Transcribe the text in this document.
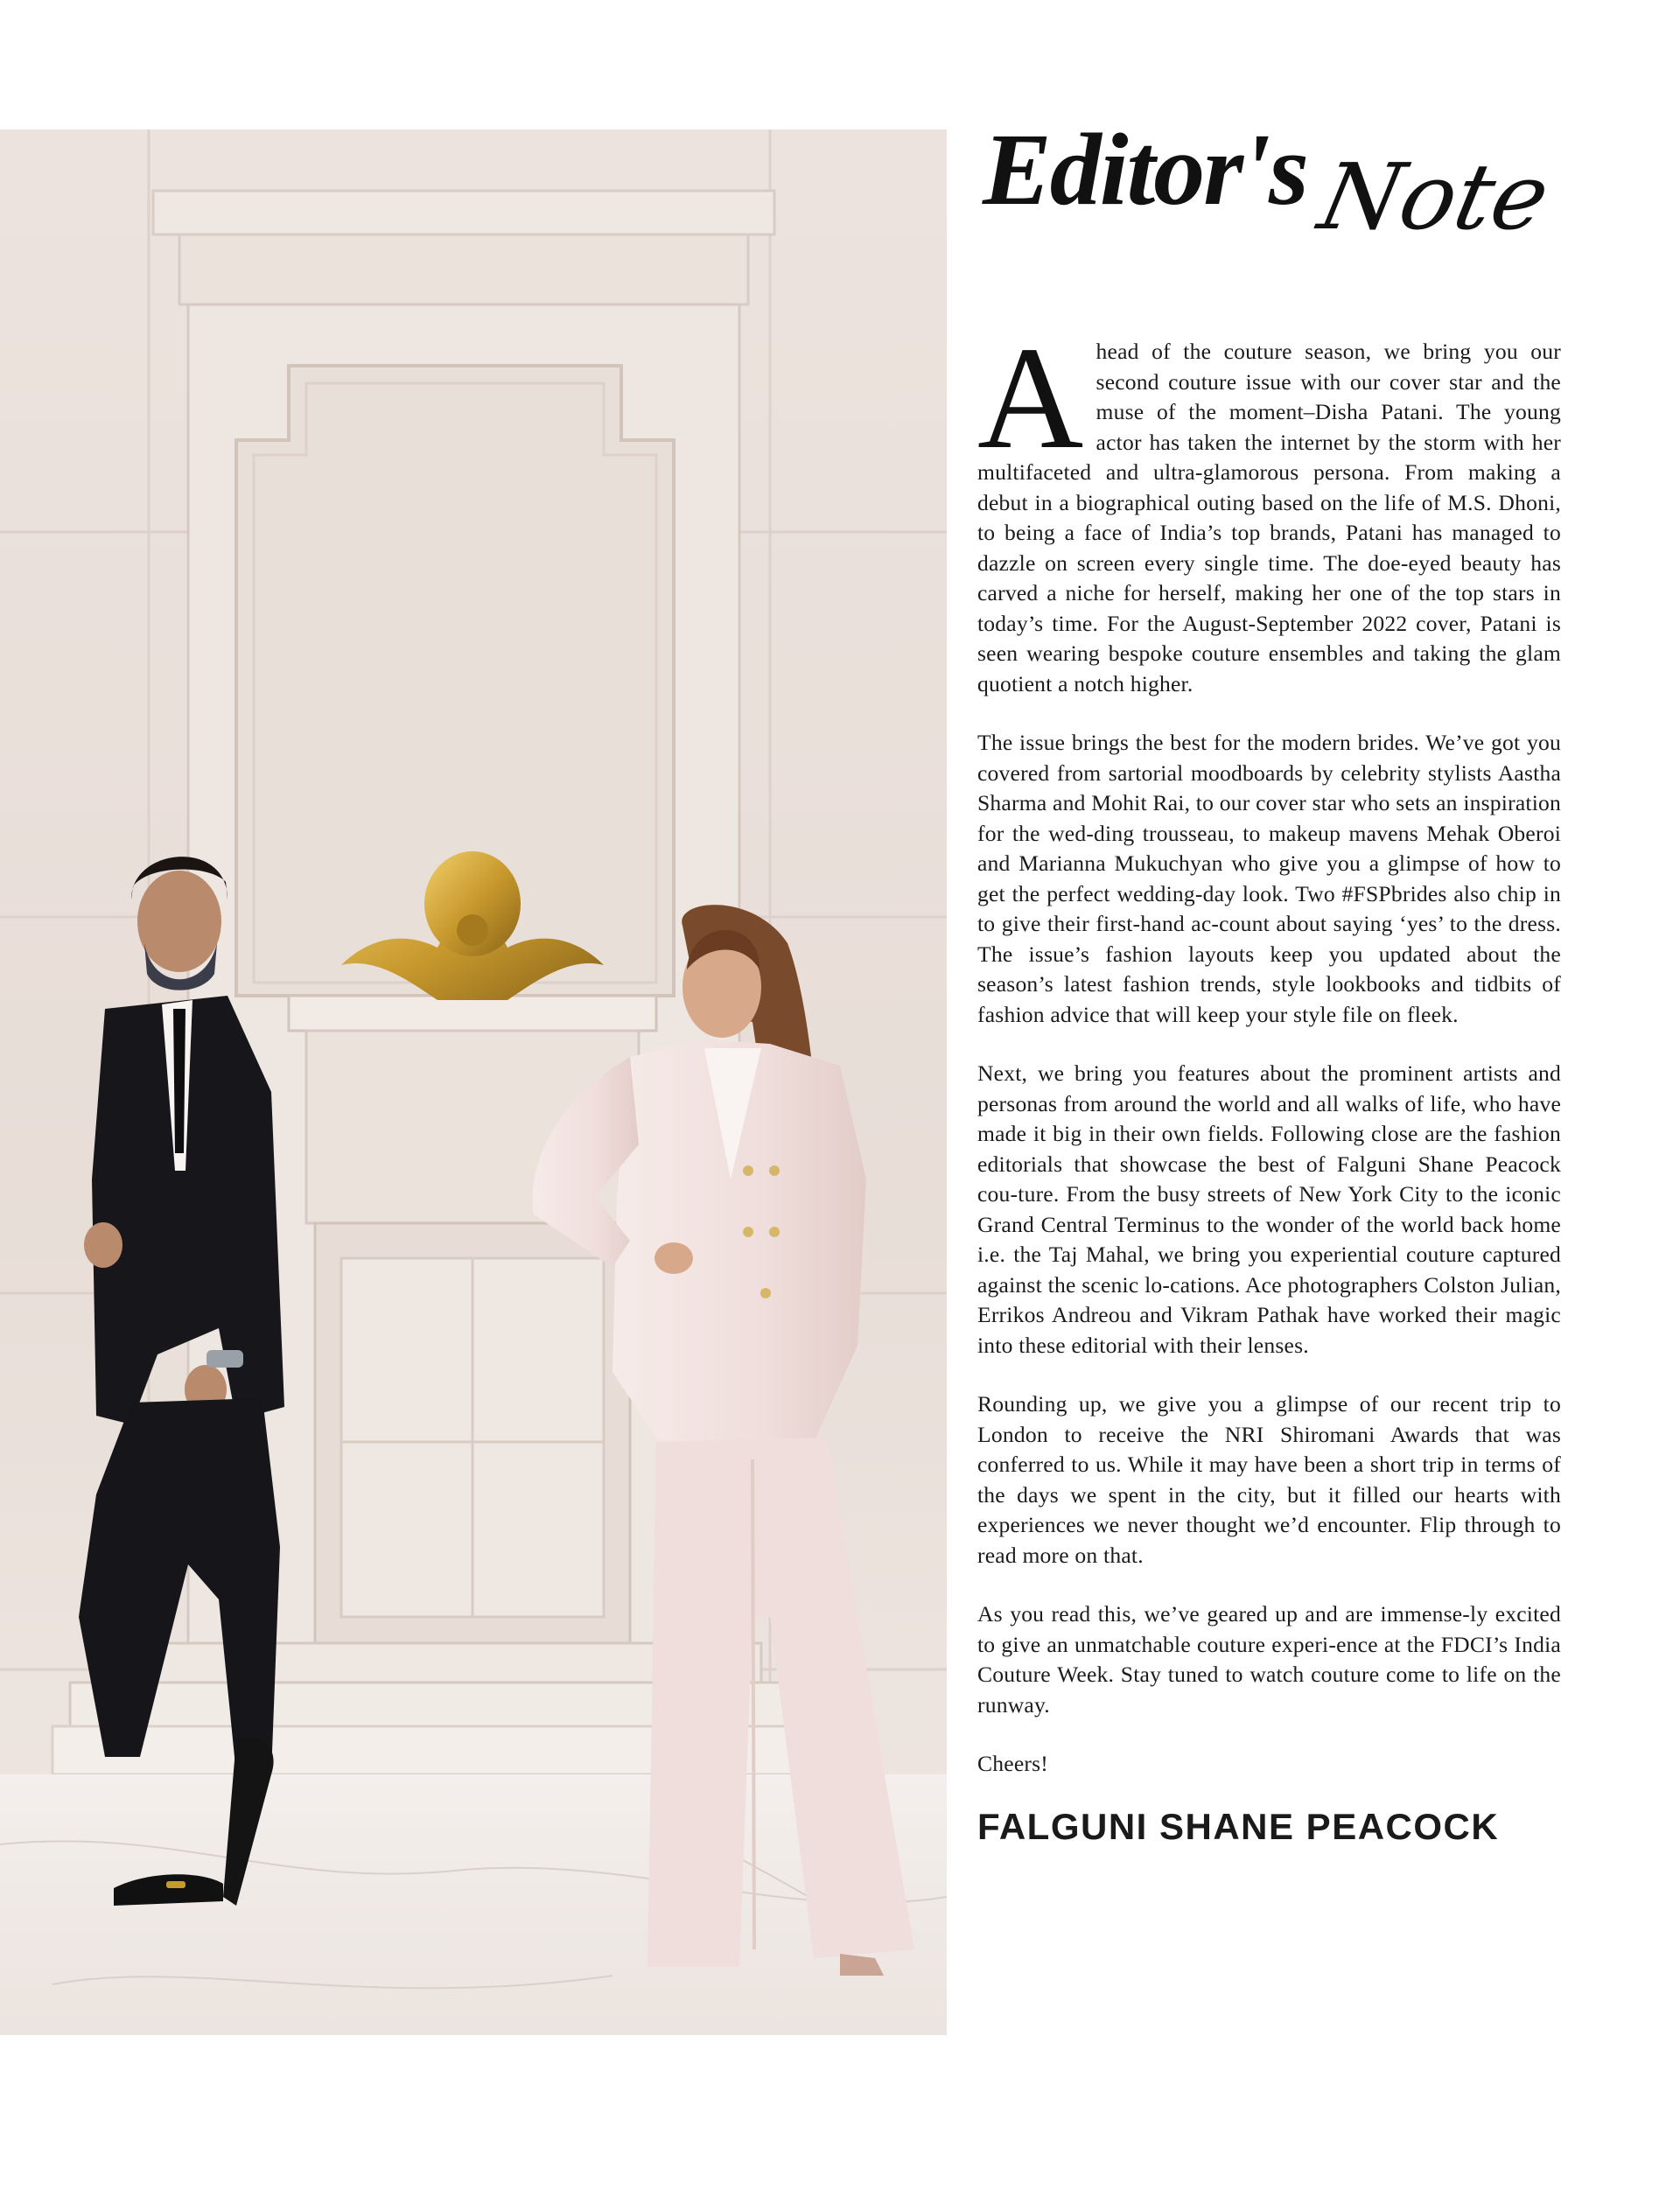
Editor's Note

Ahead of the couture season, we bring you our second couture issue with our cover star and the muse of the moment–Disha Patani. The young actor has taken the internet by the storm with her multifaceted and ultra-glamorous persona. From making a debut in a biographical outing based on the life of M.S. Dhoni, to being a face of India’s top brands, Patani has managed to dazzle on screen every single time. The doe-eyed beauty has carved a niche for herself, making her one of the top stars in today’s time. For the August-September 2022 cover, Patani is seen wearing bespoke couture ensembles and taking the glam quotient a notch higher.

The issue brings the best for the modern brides. We’ve got you covered from sartorial moodboards by celebrity stylists Aastha Sharma and Mohit Rai, to our cover star who sets an inspiration for the wed-ding trousseau, to makeup mavens Mehak Oberoi and Marianna Mukuchyan who give you a glimpse of how to get the perfect wedding-day look. Two #FSPbrides also chip in to give their first-hand ac-count about saying ‘yes’ to the dress. The issue’s fashion layouts keep you updated about the season’s latest fashion trends, style lookbooks and tidbits of fashion advice that will keep your style file on fleek.

Next, we bring you features about the prominent artists and personas from around the world and all walks of life, who have made it big in their own fields. Following close are the fashion editorials that showcase the best of Falguni Shane Peacock cou-ture. From the busy streets of New York City to the iconic Grand Central Terminus to the wonder of the world back home i.e. the Taj Mahal, we bring you experiential couture captured against the scenic lo-cations. Ace photographers Colston Julian, Errikos Andreou and Vikram Pathak have worked their magic into these editorial with their lenses.

Rounding up, we give you a glimpse of our recent trip to London to receive the NRI Shiromani Awards that was conferred to us. While it may have been a short trip in terms of the days we spent in the city, but it filled our hearts with experiences we never thought we’d encounter. Flip through to read more on that.

As you read this, we’ve geared up and are immense-ly excited to give an unmatchable couture experi-ence at the FDCI’s India Couture Week. Stay tuned to watch couture come to life on the runway.

Cheers!

FALGUNI SHANE PEACOCK
